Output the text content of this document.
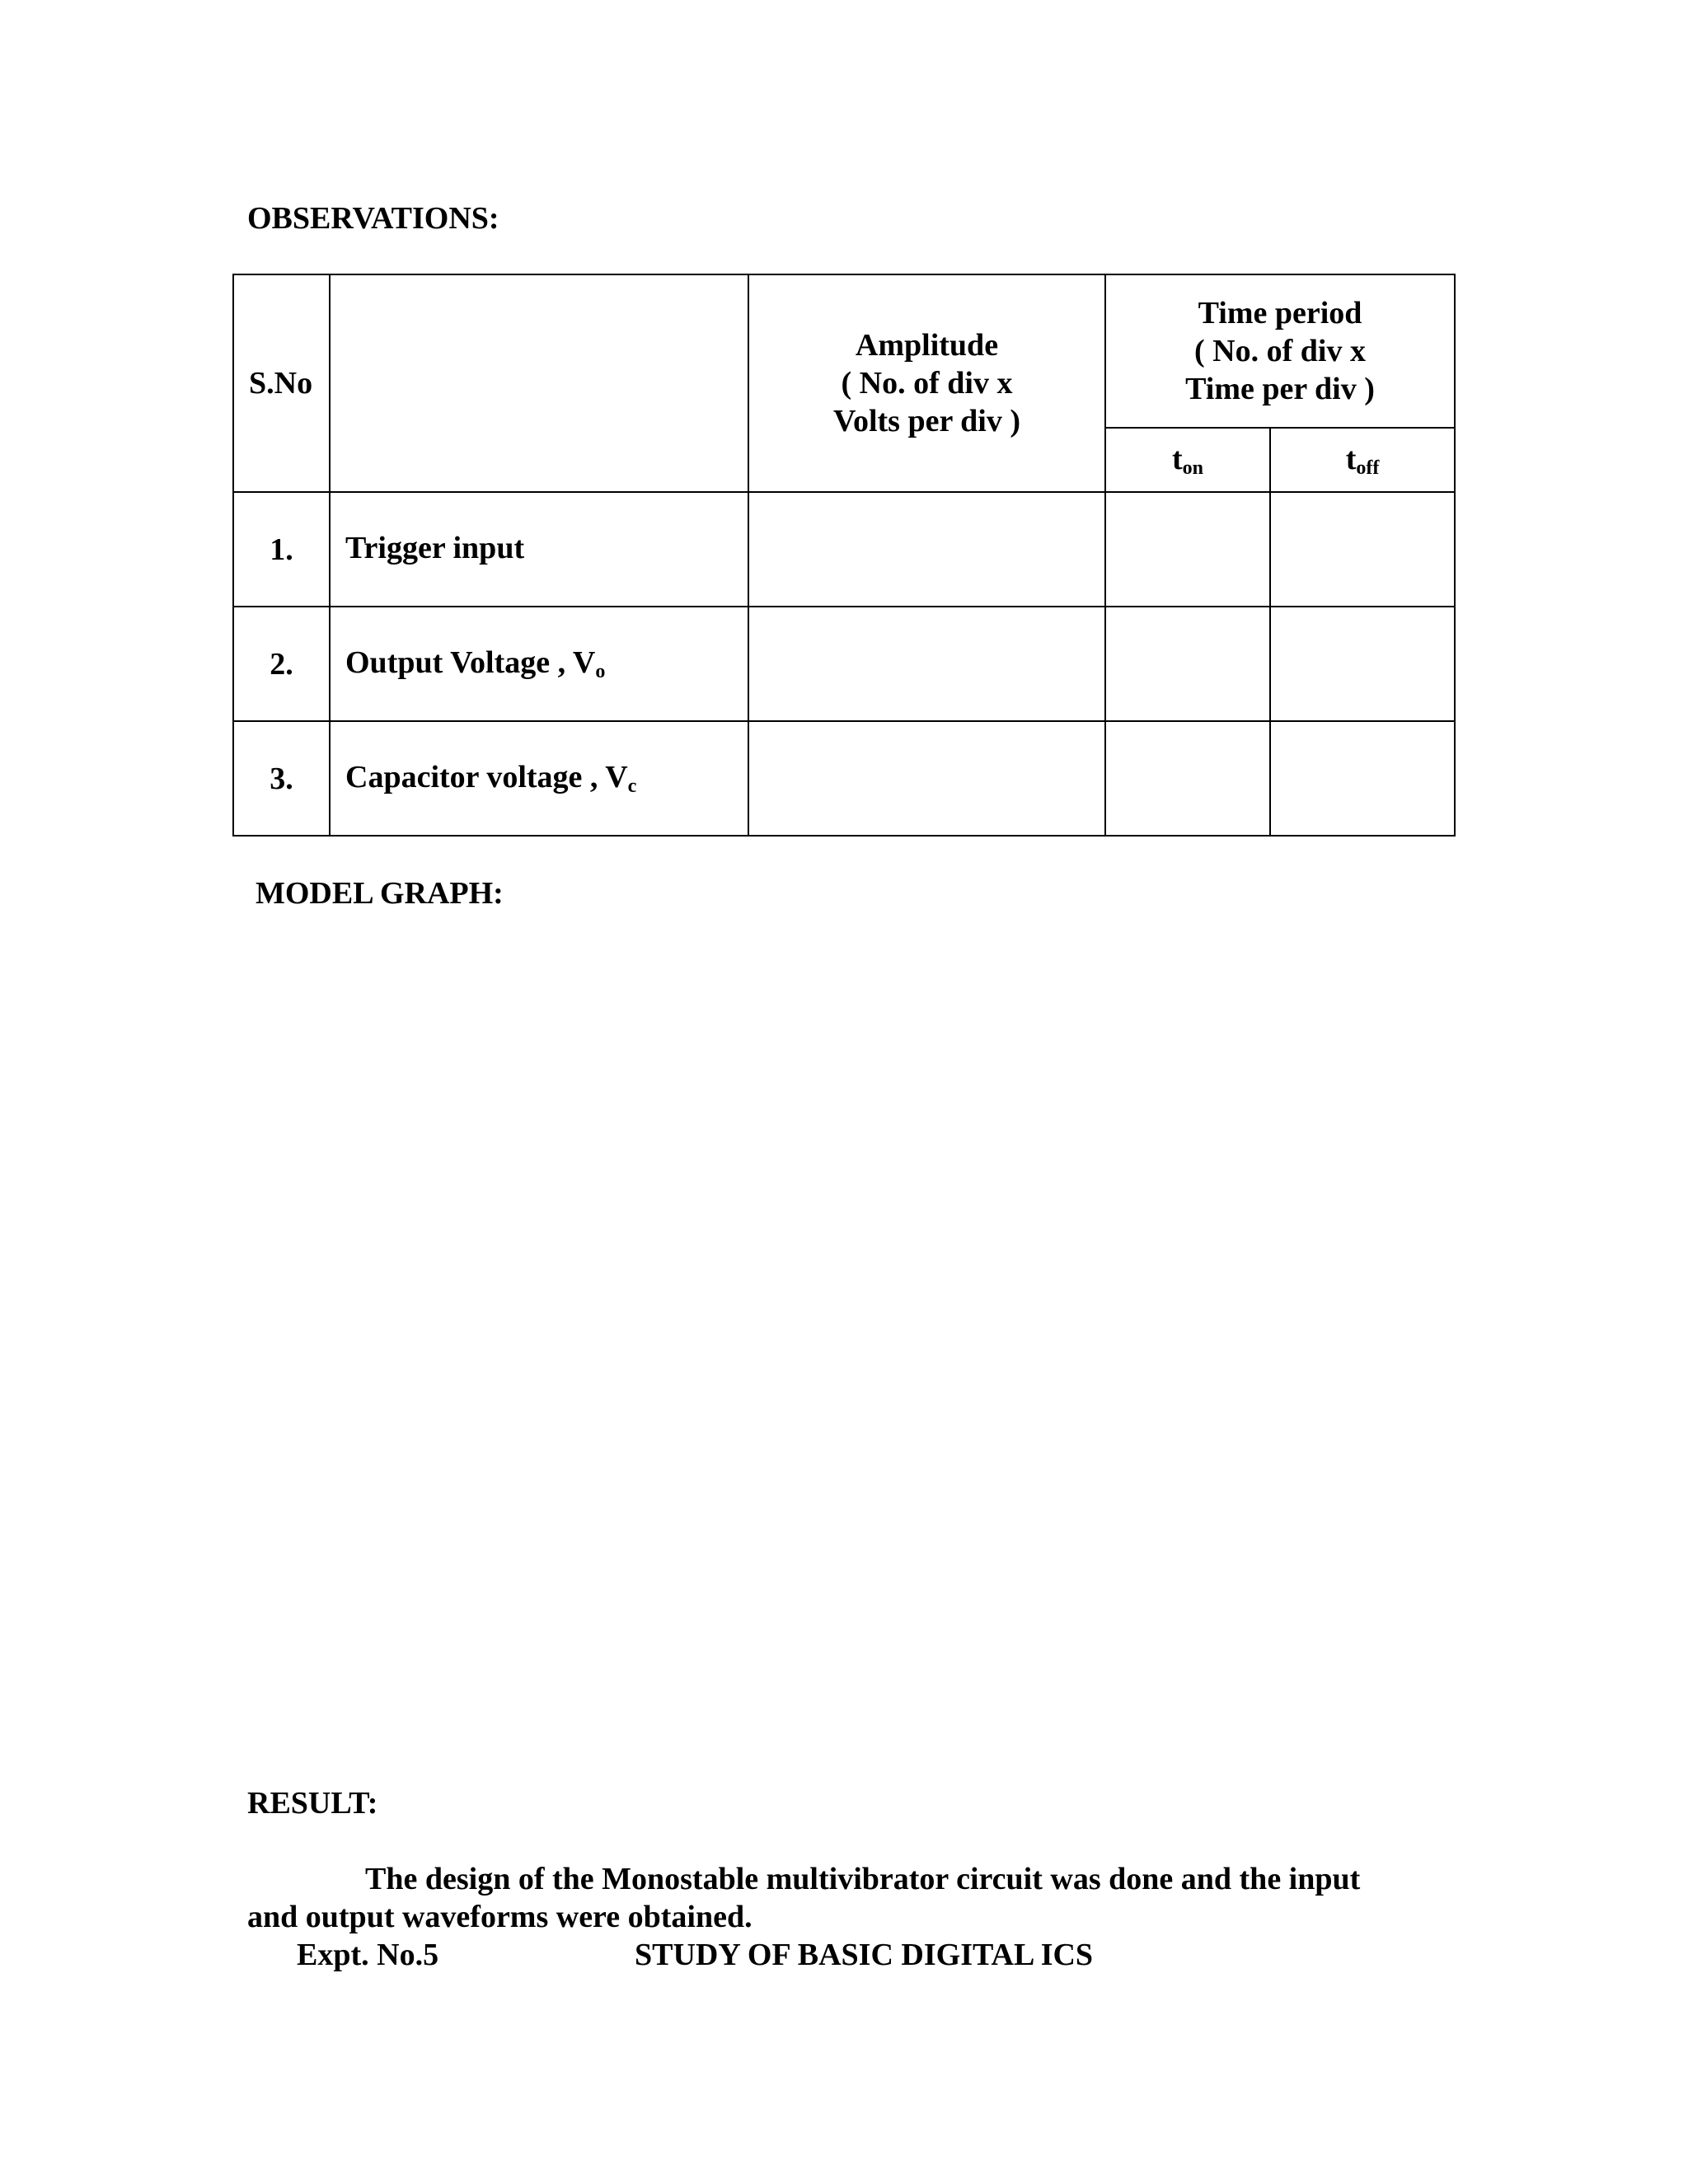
OBSERVATIONS:
S.No		Amplitude
( No. of div x
Volts per div )	Time period
( No. of div x
Time per div )	

			$t_{on}$	$t_{off}$
1.	Trigger input			
2.	Output Voltage , $V_o$			
3.	Capacitor voltage , $V_c$			
MODEL GRAPH:
RESULT:
The design of the Monostable multivibrator circuit was done and the input
and output waveforms were obtained.
Expt. No.5	STUDY OF BASIC DIGITAL ICS
